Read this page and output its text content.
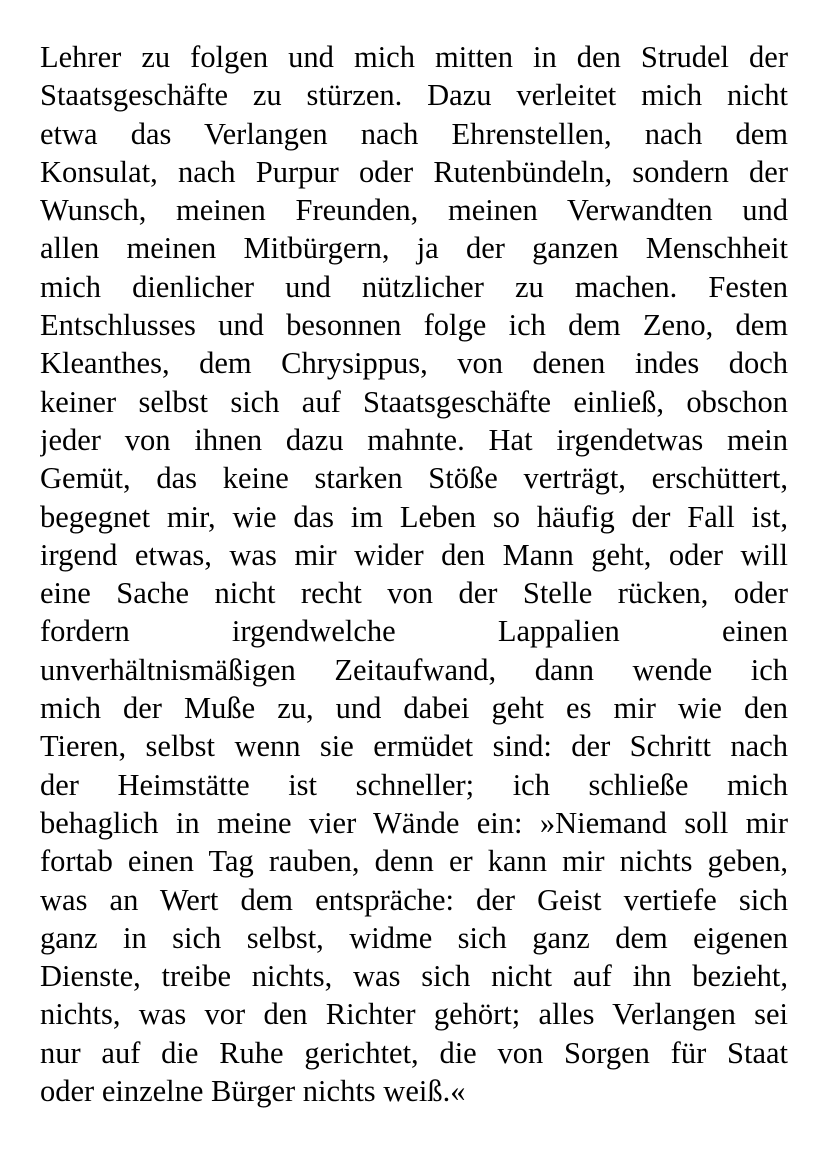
Lehrer zu folgen und mich mitten in den Strudel der
Staatsgeschäfte zu stürzen. Dazu verleitet mich nicht
etwa das Verlangen nach Ehrenstellen, nach dem
Konsulat, nach Purpur oder Rutenbündeln, sondern der
Wunsch, meinen Freunden, meinen Verwandten und
allen meinen Mitbürgern, ja der ganzen Menschheit
mich dienlicher und nützlicher zu machen. Festen
Entschlusses und besonnen folge ich dem Zeno, dem
Kleanthes, dem Chrysippus, von denen indes doch
keiner selbst sich auf Staatsgeschäfte einließ, obschon
jeder von ihnen dazu mahnte. Hat irgendetwas mein
Gemüt, das keine starken Stöße verträgt, erschüttert,
begegnet mir, wie das im Leben so häufig der Fall ist,
irgend etwas, was mir wider den Mann geht, oder will
eine Sache nicht recht von der Stelle rücken, oder
fordern irgendwelche Lappalien einen
unverhältnismäßigen Zeitaufwand, dann wende ich
mich der Muße zu, und dabei geht es mir wie den
Tieren, selbst wenn sie ermüdet sind: der Schritt nach
der Heimstätte ist schneller; ich schließe mich
behaglich in meine vier Wände ein: »Niemand soll mir
fortab einen Tag rauben, denn er kann mir nichts geben,
was an Wert dem entspräche: der Geist vertiefe sich
ganz in sich selbst, widme sich ganz dem eigenen
Dienste, treibe nichts, was sich nicht auf ihn bezieht,
nichts, was vor den Richter gehört; alles Verlangen sei
nur auf die Ruhe gerichtet, die von Sorgen für Staat
oder einzelne Bürger nichts weiß.«
